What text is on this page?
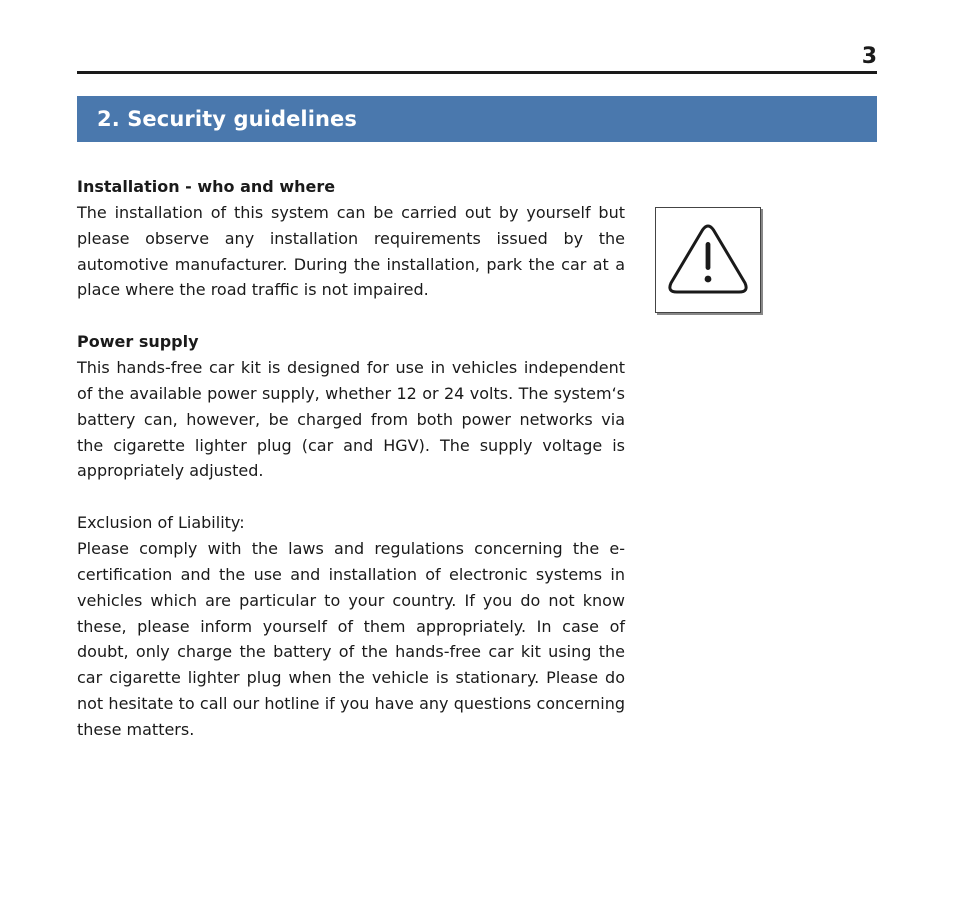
3
2. Security guidelines

Installation - who and where

The installation of this system can be carried out by yourself but please observe any installation requirements issued by the automotive manufacturer. During the installation, park the car at a place where the road traffic is not impaired.

Power supply

This hands-free car kit is designed for use in vehicles independent of the available power supply, whether 12 or 24 volts. The system‘s battery can, however, be charged from both power networks via the cigarette lighter plug (car and HGV). The supply voltage is appropriately adjusted.

Exclusion of Liability:

Please comply with the laws and regulations concerning the e-certification and the use and installation of electronic systems in vehicles which are particular to your country. If you do not know these, please inform yourself of them appropriately. In case of doubt, only charge the battery of the hands-free car kit using the car cigarette lighter plug when the vehicle is stationary. Please do not hesitate to call our hotline if you have any questions concerning these matters.
